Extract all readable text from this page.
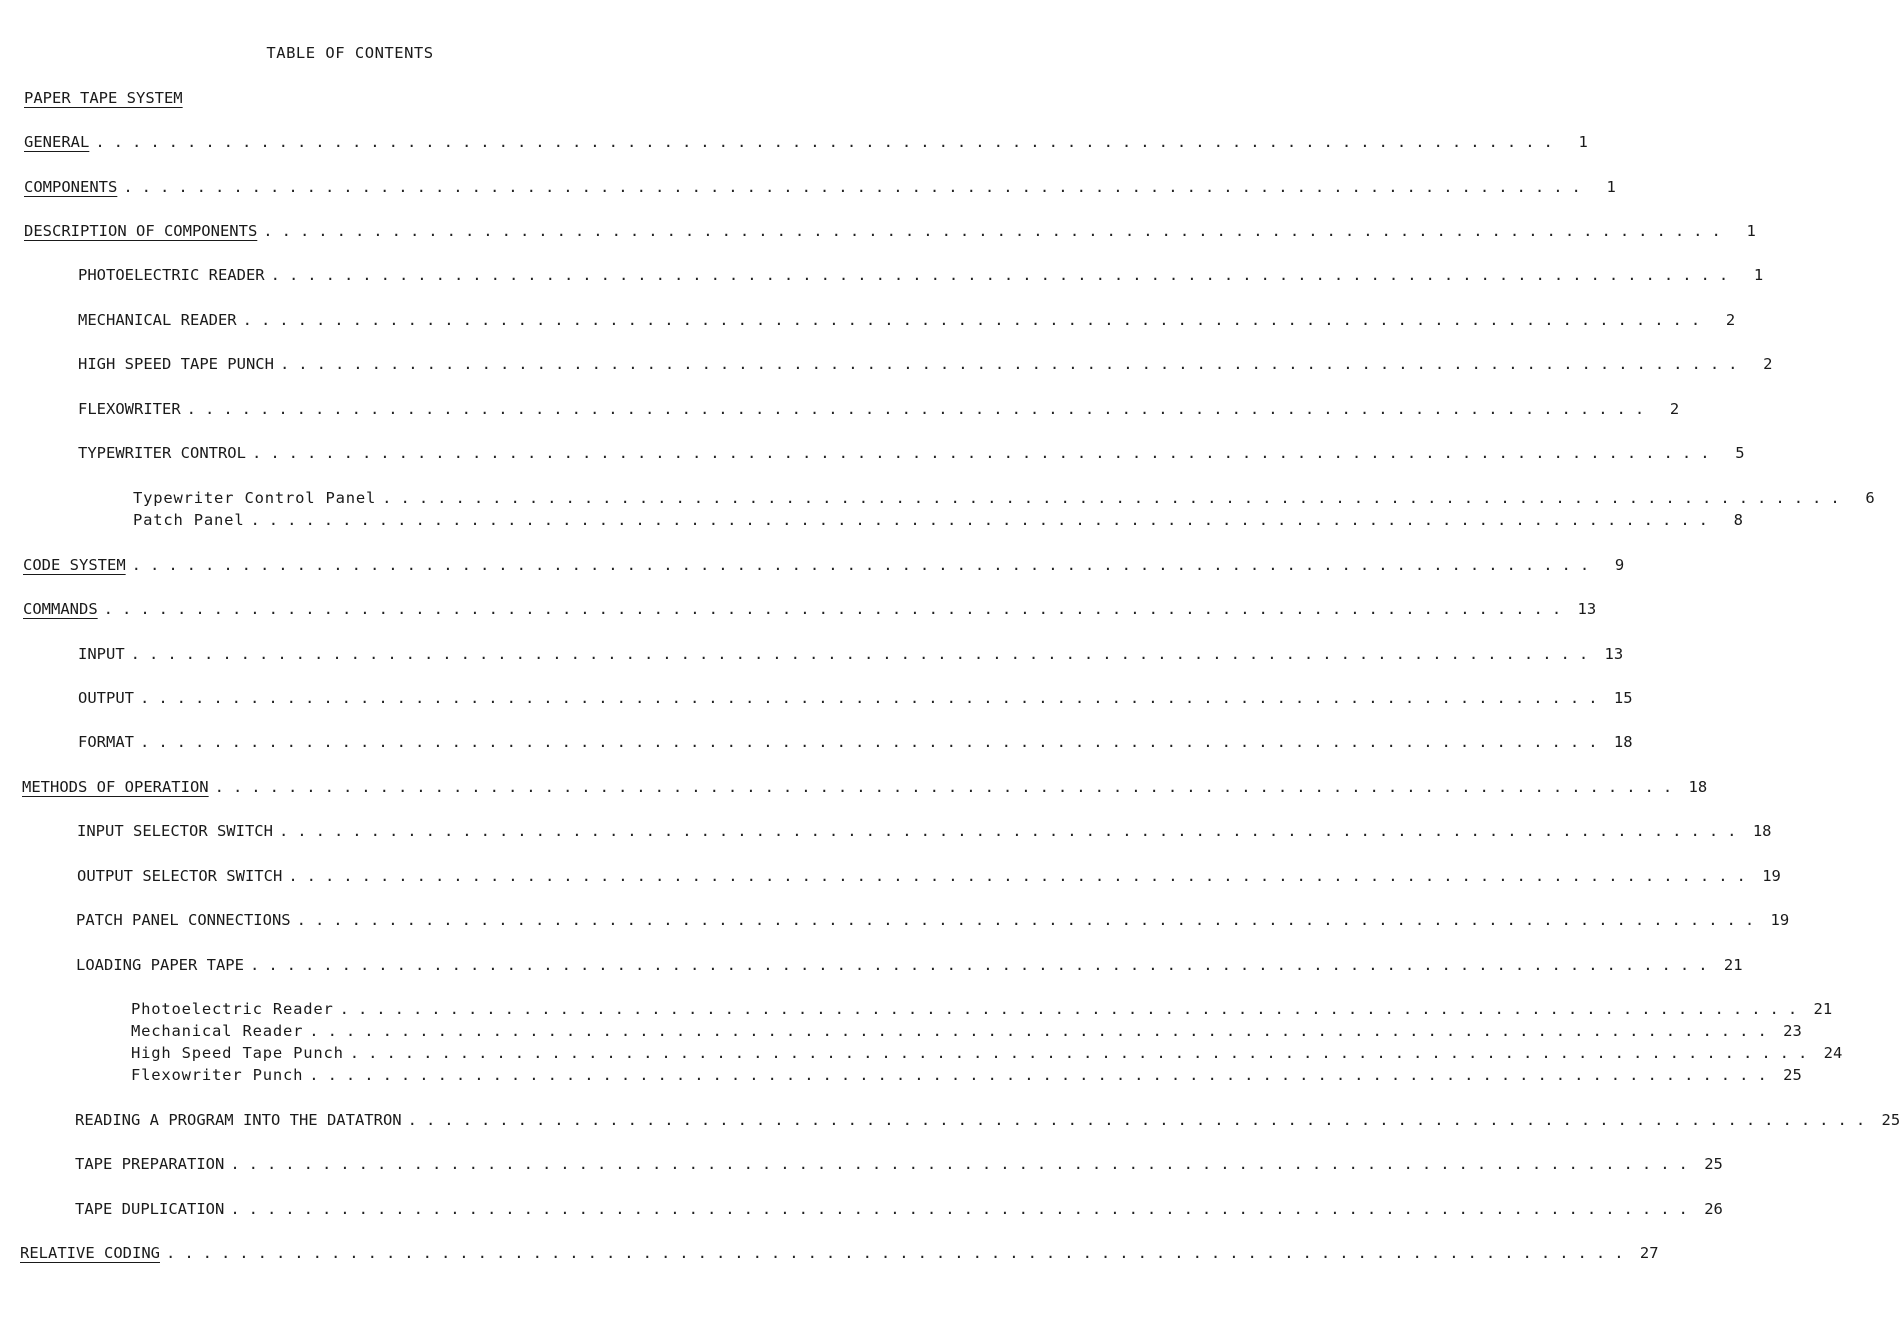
TABLE OF CONTENTS
PAPER TAPE SYSTEM
GENERAL ................................................................................	1
COMPONENTS ................................................................................	1
DESCRIPTION OF COMPONENTS ................................................................................	1
PHOTOELECTRIC READER ................................................................................	1
MECHANICAL READER ................................................................................	2
HIGH SPEED TAPE PUNCH ................................................................................	2
FLEXOWRITER ................................................................................	2
TYPEWRITER CONTROL ................................................................................	5
Typewriter Control Panel ................................................................................	6
Patch Panel ................................................................................	8
CODE SYSTEM ................................................................................	9
COMMANDS ................................................................................ 13
INPUT ................................................................................ 13
OUTPUT ................................................................................ 15
FORMAT ................................................................................ 18
METHODS OF OPERATION ................................................................................ 18
INPUT SELECTOR SWITCH ................................................................................ 18
OUTPUT SELECTOR SWITCH ................................................................................ 19
PATCH PANEL CONNECTIONS ................................................................................ 19
LOADING PAPER TAPE ................................................................................ 21
Photoelectric Reader ................................................................................ 21
Mechanical Reader ................................................................................ 23
High Speed Tape Punch ................................................................................ 24
Flexowriter Punch ................................................................................ 25
READING A PROGRAM INTO THE DATATRON ................................................................................ 25
TAPE PREPARATION ................................................................................ 25
TAPE DUPLICATION ................................................................................ 26
RELATIVE CODING ................................................................................ 27
